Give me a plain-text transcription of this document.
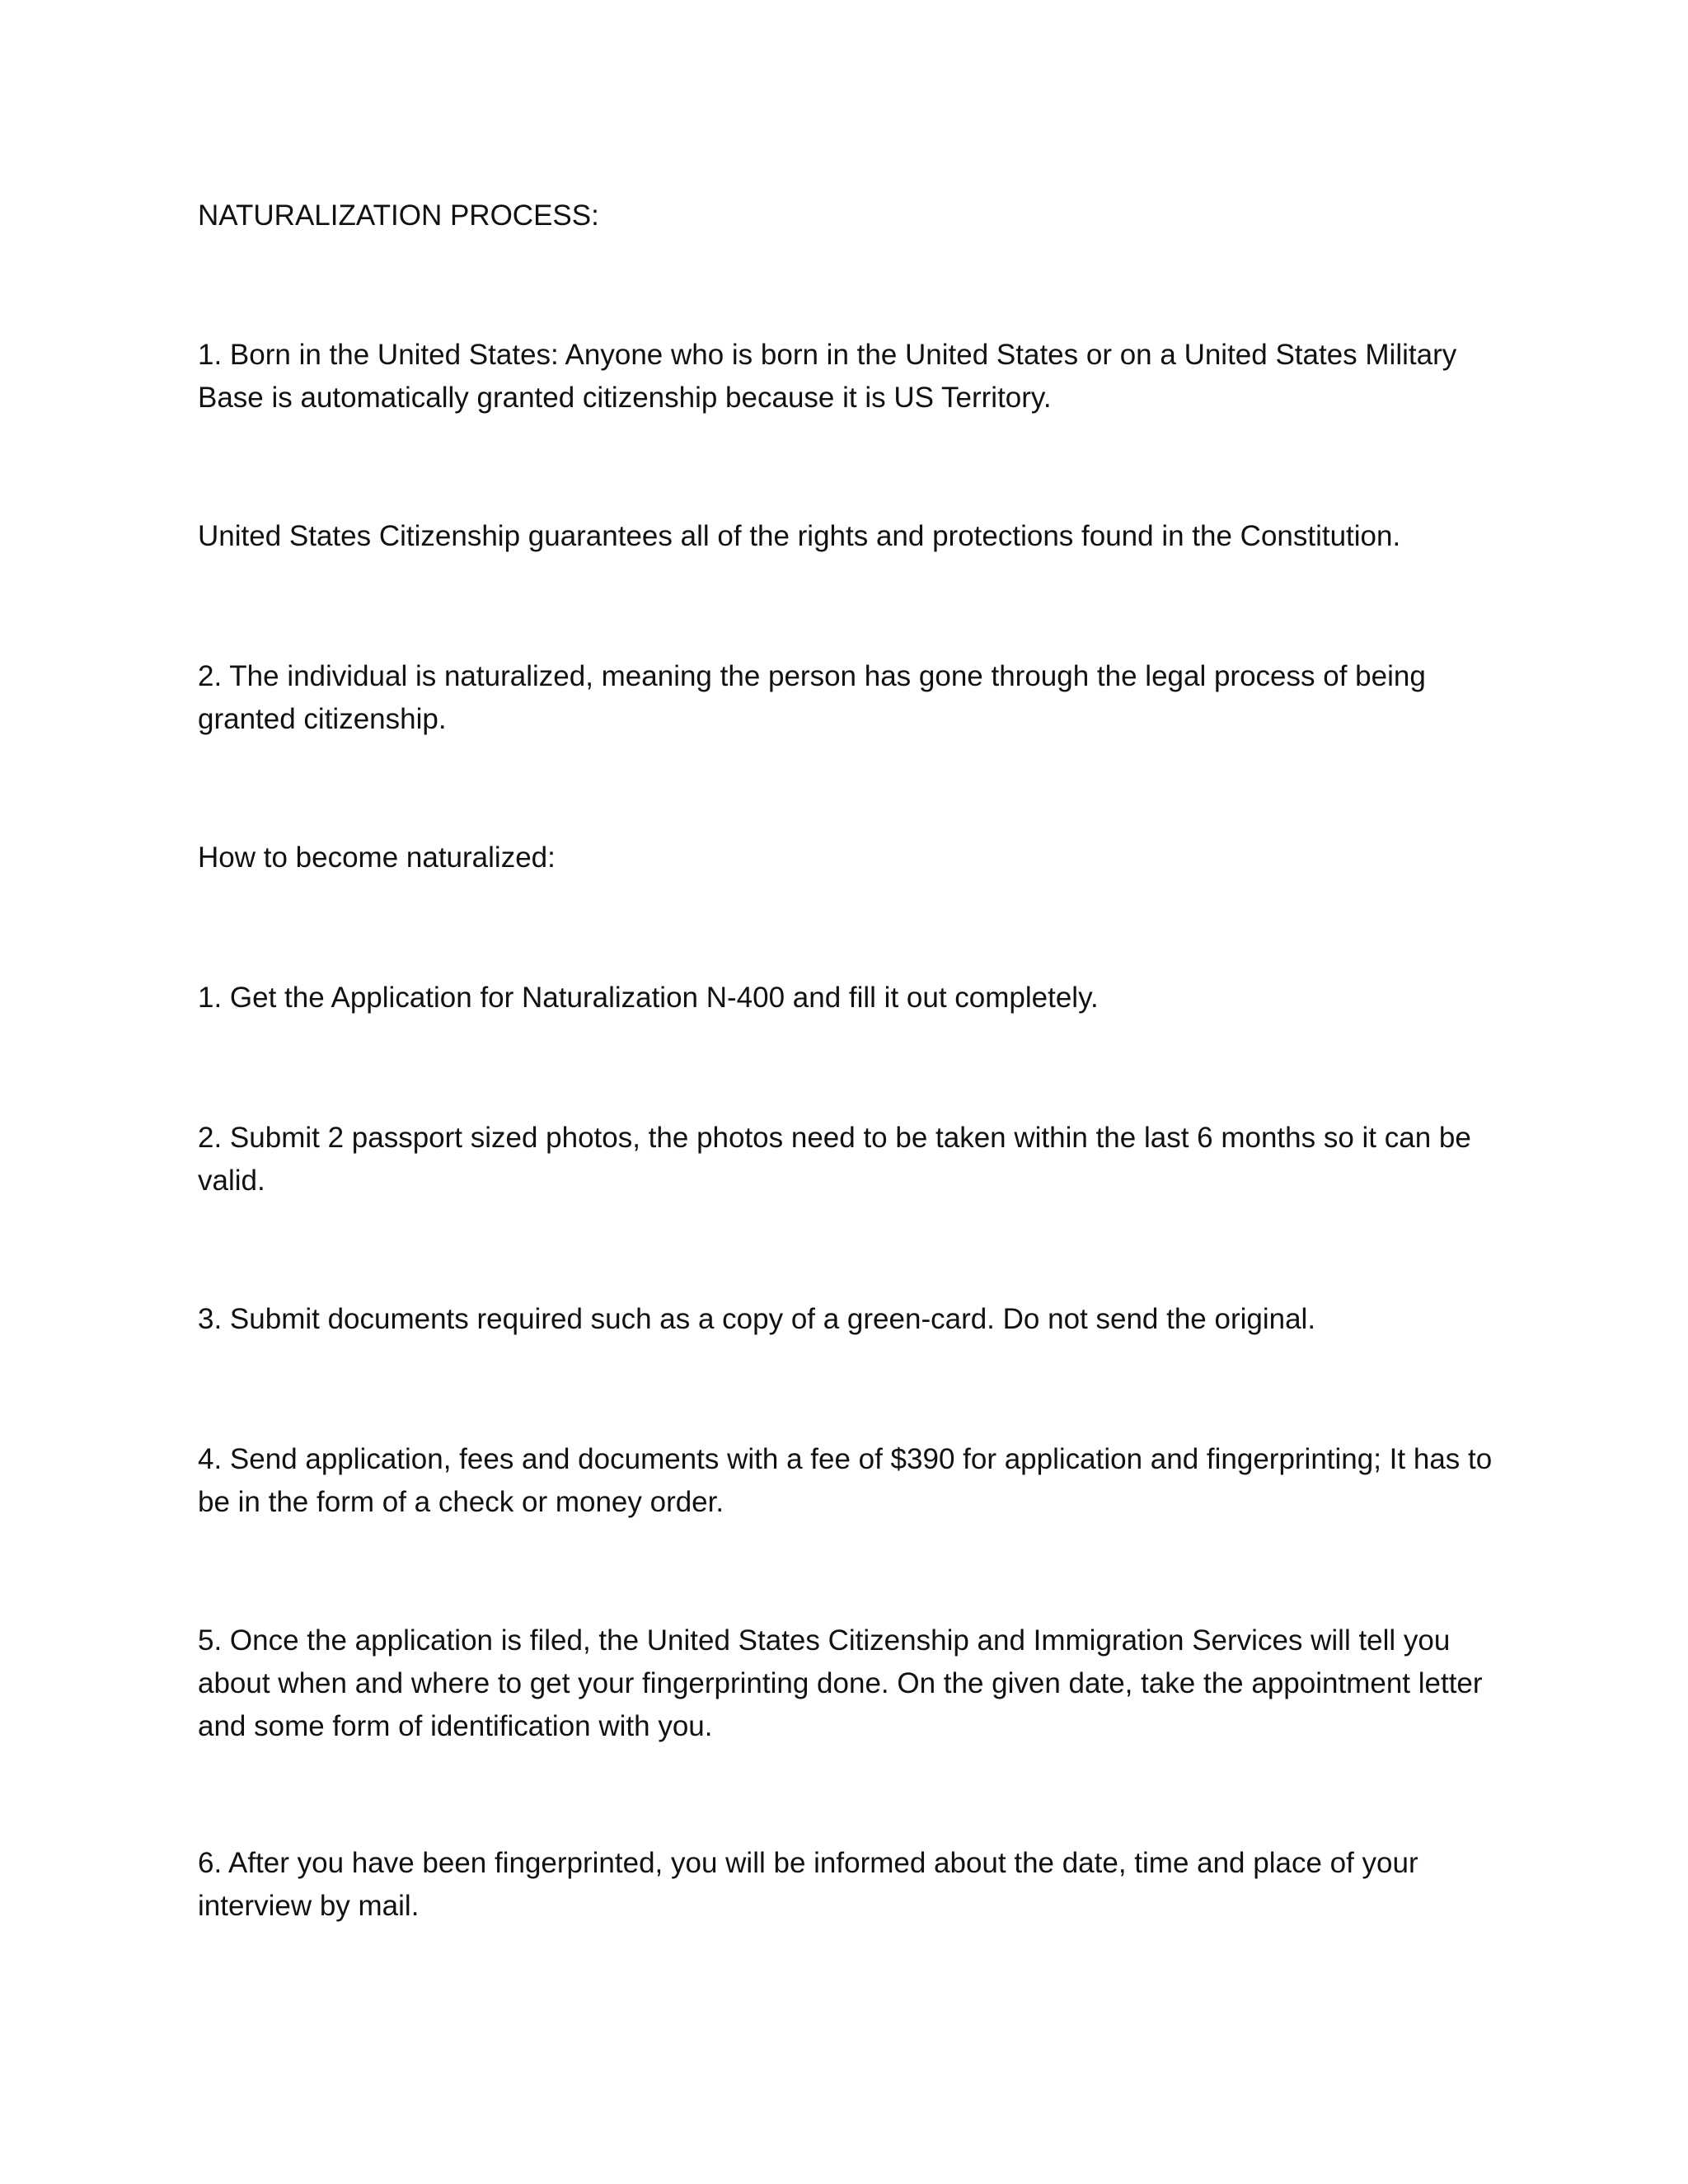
NATURALIZATION PROCESS:
1. Born in the United States: Anyone who is born in the United States or on a United States Military Base is automatically granted citizenship because it is US Territory.
United States Citizenship guarantees all of the rights and protections found in the Constitution.
2. The individual is naturalized, meaning the person has gone through the legal process of being granted citizenship.
How to become naturalized:
1. Get the Application for Naturalization N-400 and fill it out completely.
2. Submit 2 passport sized photos, the photos need to be taken within the last 6 months so it can be valid.
3. Submit documents required such as a copy of a green-card. Do not send the original.
4. Send application, fees and documents with a fee of $390 for application and fingerprinting; It has to be in the form of a check or money order.
5. Once the application is filed, the United States Citizenship and Immigration Services will tell you about when and where to get your fingerprinting done. On the given date, take the appointment letter and some form of identification with you.
6. After you have been fingerprinted, you will be informed about the date, time and place of your interview by mail.
